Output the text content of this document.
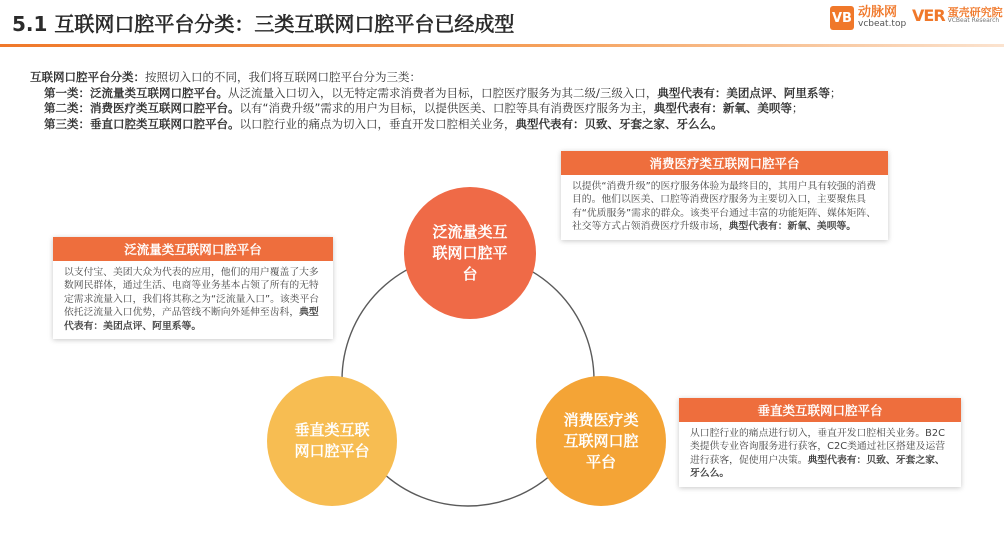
5.1 互联网口腔平台分类：三类互联网口腔平台已经成型	VB 动脉网
vcbeat.top VER 蛋壳研究院
VCBeat Research
互联网口腔平台分类：按照切入口的不同，我们将互联网口腔平台分为三类：
第一类：泛流量类互联网口腔平台。从泛流量入口切入，以无特定需求消费者为目标，口腔医疗服务为其二级/三级入口，典型代表有：美团点评、阿里系等；
第二类：消费医疗类互联网口腔平台。以有“消费升级”需求的用户为目标，以提供医美、口腔等具有消费医疗服务为主，典型代表有：新氧、美呗等；
第三类：垂直口腔类互联网口腔平台。以口腔行业的痛点为切入口，垂直开发口腔相关业务，典型代表有：贝致、牙套之家、牙么么。
泛流量类互联网口腔平台
垂直类互联网口腔平台
消费医疗类互联网口腔平台
泛流量类互联网口腔平台
以支付宝、美团大众为代表的应用，他们的用户覆盖了大多数网民群体，通过生活、电商等业务基本占领了所有的无特定需求流量入口，我们将其称之为“泛流量入口”。该类平台依托泛流量入口优势，产品管线不断向外延伸至齿科，典型代表有：美团点评、阿里系等。
消费医疗类互联网口腔平台
以提供“消费升级”的医疗服务体验为最终目的，其用户具有较强的消费目的。他们以医美、口腔等消费医疗服务为主要切入口，主要聚焦具有“优质服务”需求的群众。该类平台通过丰富的功能矩阵、媒体矩阵、社交等方式占领消费医疗升级市场，典型代表有：新氧、美呗等。
垂直类互联网口腔平台
从口腔行业的痛点进行切入，垂直开发口腔相关业务。B2C类提供专业咨询服务进行获客，C2C类通过社区搭建及运营进行获客，促使用户决策。典型代表有：贝致、牙套之家、牙么么。
